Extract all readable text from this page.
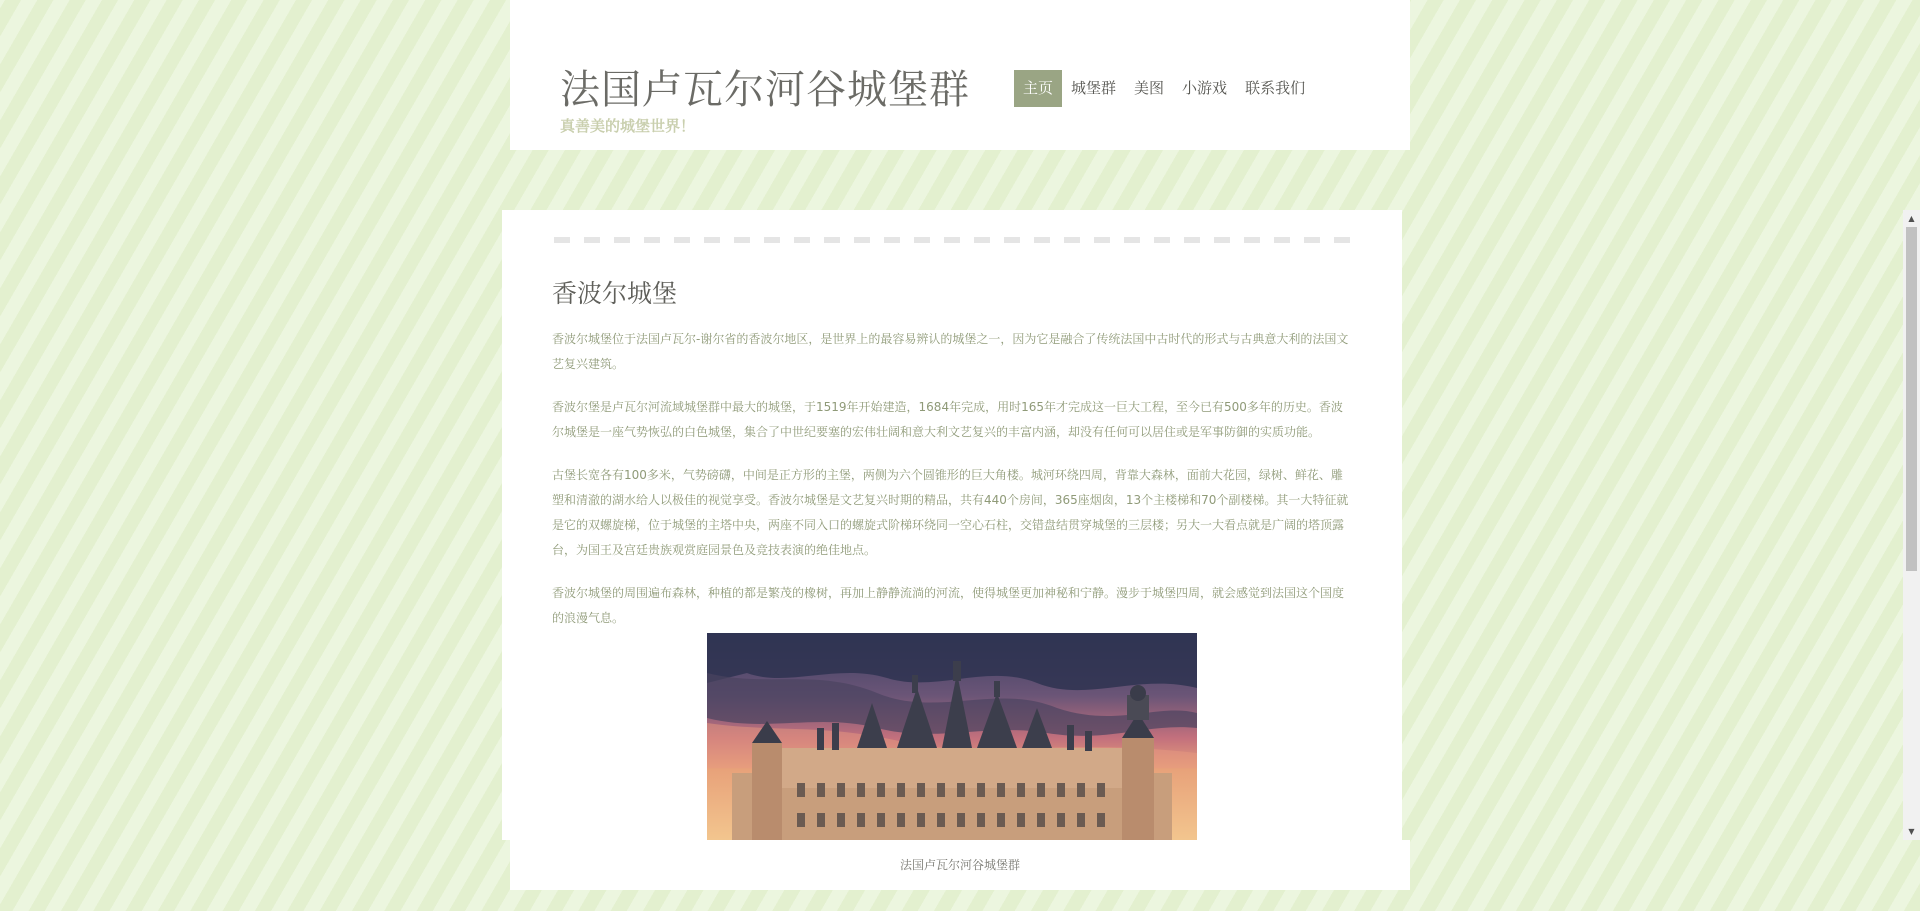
法国卢瓦尔河谷城堡群
真善美的城堡世界！
主页	城堡群	美图	小游戏	联系我们
香波尔城堡

香波尔城堡位于法国卢瓦尔-谢尔省的香波尔地区，是世界上的最容易辨认的城堡之一，因为它是融合了传统法国中古时代的形式与古典意大利的法国文艺复兴建筑。

香波尔堡是卢瓦尔河流域城堡群中最大的城堡，于1519年开始建造，1684年完成，用时165年才完成这一巨大工程，至今已有500多年的历史。香波尔城堡是一座气势恢弘的白色城堡，集合了中世纪要塞的宏伟壮阔和意大利文艺复兴的丰富内涵，却没有任何可以居住或是军事防御的实质功能。

古堡长宽各有100多米，气势磅礴，中间是正方形的主堡，两侧为六个圆锥形的巨大角楼。城河环绕四周，背靠大森林，面前大花园，绿树、鲜花、雕塑和清澈的湖水给人以极佳的视觉享受。香波尔城堡是文艺复兴时期的精品，共有440个房间，365座烟囱，13个主楼梯和70个副楼梯。其一大特征就是它的双螺旋梯，位于城堡的主塔中央，两座不同入口的螺旋式阶梯环绕同一空心石柱，交错盘结贯穿城堡的三层楼；另大一大看点就是广阔的塔顶露台，为国王及宫廷贵族观赏庭园景色及竞技表演的绝佳地点。

香波尔城堡的周围遍布森林，种植的都是繁茂的橡树，再加上静静流淌的河流，使得城堡更加神秘和宁静。漫步于城堡四周，就会感觉到法国这个国度的浪漫气息。

法国卢瓦尔河谷城堡群
▲
▼
